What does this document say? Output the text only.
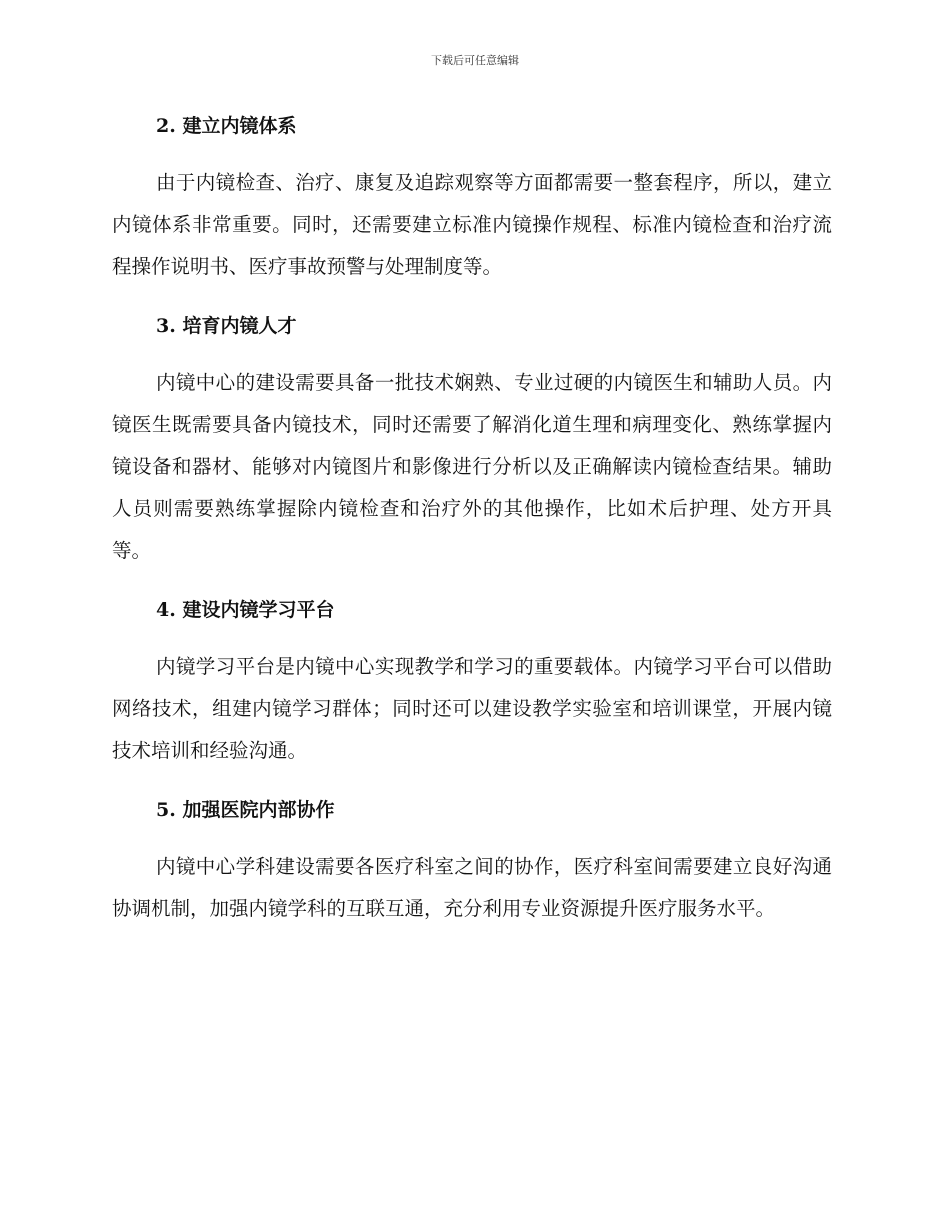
下载后可任意编辑
2. 建立内镜体系

由于内镜检查、治疗、康复及追踪观察等方面都需要一整套程序，所以，建立内镜体系非常重要。同时，还需要建立标准内镜操作规程、标准内镜检查和治疗流程操作说明书、医疗事故预警与处理制度等。

3. 培育内镜人才

内镜中心的建设需要具备一批技术娴熟、专业过硬的内镜医生和辅助人员。内镜医生既需要具备内镜技术，同时还需要了解消化道生理和病理变化、熟练掌握内镜设备和器材、能够对内镜图片和影像进行分析以及正确解读内镜检查结果。辅助人员则需要熟练掌握除内镜检查和治疗外的其他操作，比如术后护理、处方开具等。

4. 建设内镜学习平台

内镜学习平台是内镜中心实现教学和学习的重要载体。内镜学习平台可以借助网络技术，组建内镜学习群体；同时还可以建设教学实验室和培训课堂，开展内镜技术培训和经验沟通。

5. 加强医院内部协作

内镜中心学科建设需要各医疗科室之间的协作，医疗科室间需要建立良好沟通协调机制，加强内镜学科的互联互通，充分利用专业资源提升医疗服务水平。
